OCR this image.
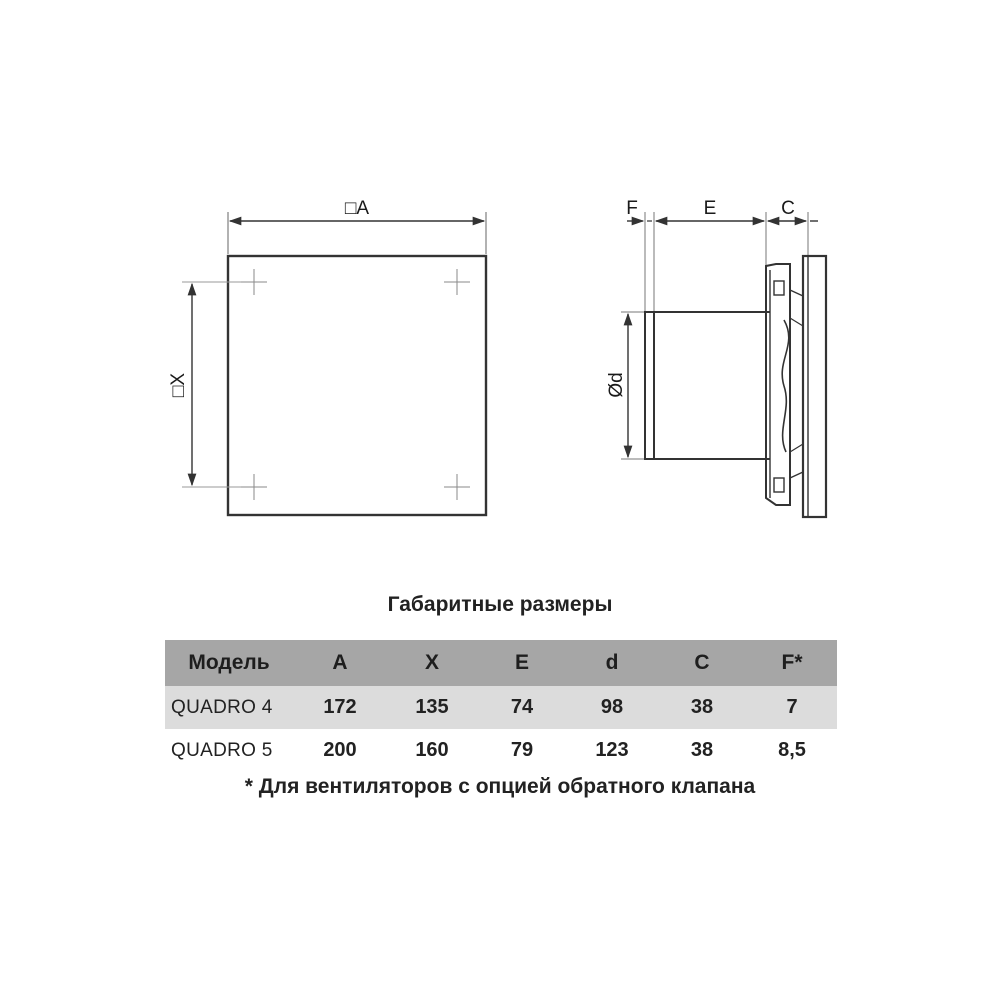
□A
□X
F	E	C
Ød
Габаритные размеры
Модель	A	X	E	d	C	F*
QUADRO 4	172	135	74	98	38	7
QUADRO 5	200	160	79	123	38	8,5
* Для вентиляторов с опцией обратного клапана
